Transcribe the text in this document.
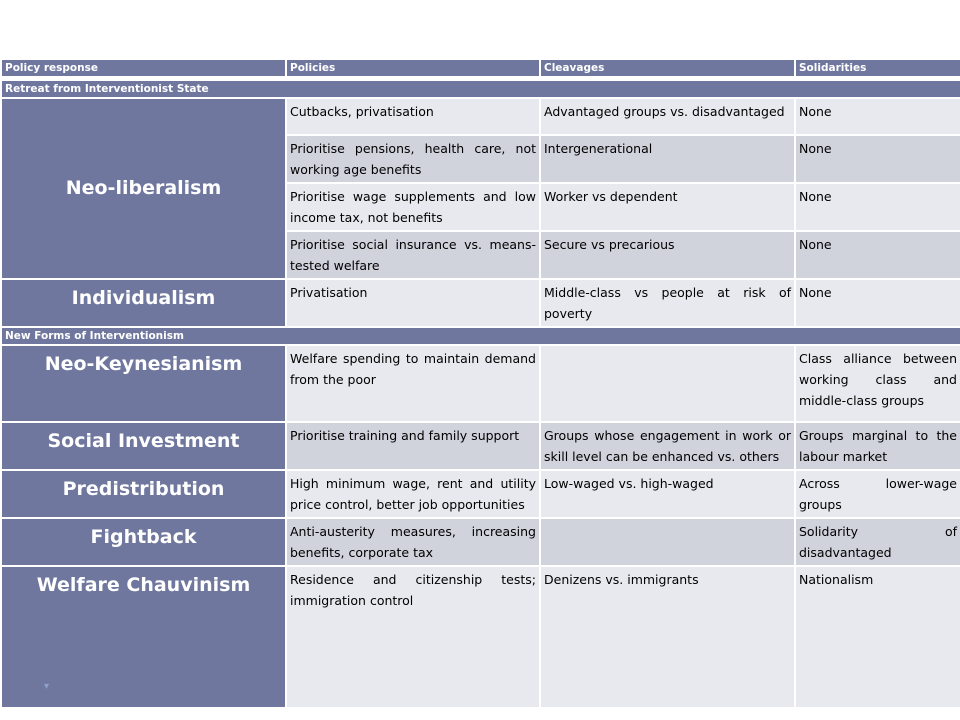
Policy response	Policies	Cleavages	Solidarities
Retreat from Interventionist State			
Neo-liberalism	Cutbacks, privatisation	Advantaged groups vs. disadvantaged	None
	Prioritise pensions, health care, not working age benefits	Intergenerational	None
	Prioritise wage supplements and low income tax, not benefits	Worker vs dependent	None
	Prioritise social insurance vs. means-tested welfare	Secure vs precarious	None
Individualism	Privatisation	Middle-class vs people at risk of poverty	None
New Forms of Interventionism			
Neo-Keynesianism	Welfare spending to maintain demand from the poor		Class alliance between working class and middle-class groups
Social Investment	Prioritise training and family support	Groups whose engagement in work or skill level can be enhanced vs. others	Groups marginal to the labour market
Predistribution	High minimum wage, rent and utility price control, better job opportunities	Low-waged vs. high-waged	Across lower-wage groups
Fightback	Anti-austerity measures, increasing benefits, corporate tax		Solidarity of disadvantaged
Welfare Chauvinism	Residence and citizenship tests; immigration control	Denizens vs. immigrants	Nationalism
▾
